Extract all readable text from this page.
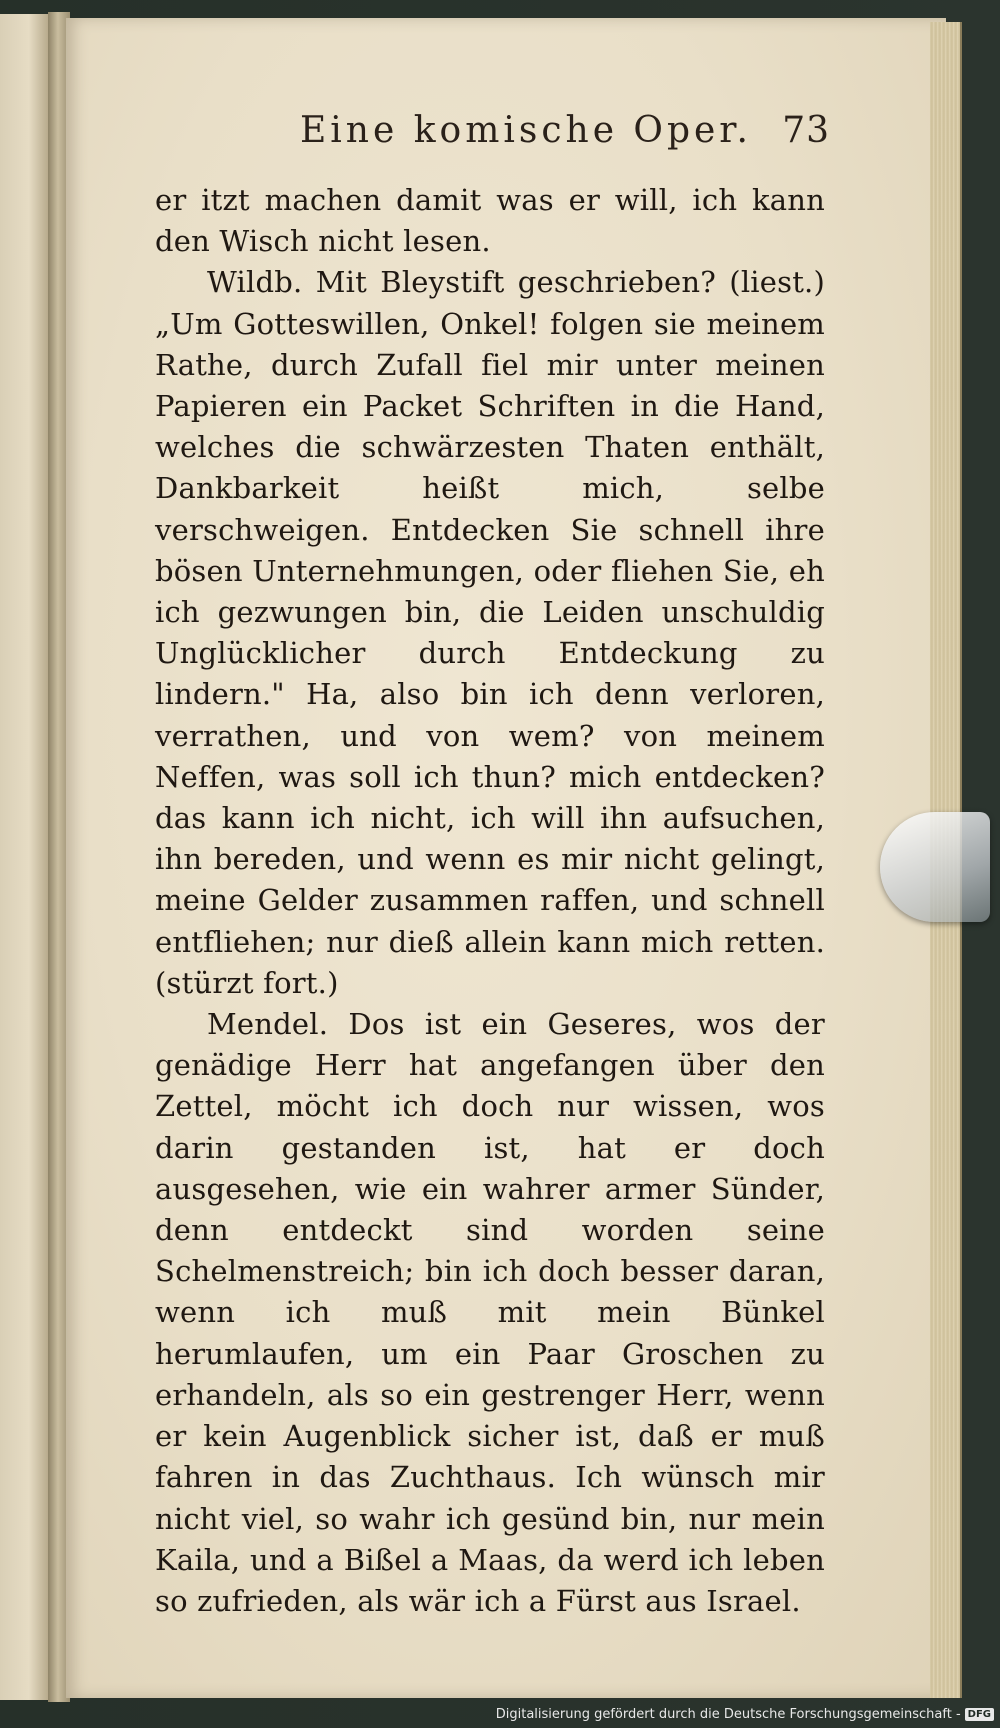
Eine komische Oper. 73

er itzt machen damit was er will, ich kann den Wisch nicht lesen.

Wildb. Mit Bleystift geschrieben? (liest.) „Um Gotteswillen, Onkel! folgen sie meinem Rathe, durch Zufall fiel mir unter meinen Papieren ein Packet Schriften in die Hand, welches die schwärzesten Thaten enthält, Dankbarkeit heißt mich, selbe verschweigen. Entdecken Sie schnell ihre bösen Unternehmungen, oder fliehen Sie, eh ich gezwungen bin, die Leiden unschuldig Unglücklicher durch Entdeckung zu lindern." Ha, also bin ich denn verloren, verrathen, und von wem? von meinem Neffen, was soll ich thun? mich entdecken? das kann ich nicht, ich will ihn aufsuchen, ihn bereden, und wenn es mir nicht gelingt, meine Gelder zusammen raffen, und schnell entfliehen; nur dieß allein kann mich retten. (stürzt fort.)

Mendel. Dos ist ein Geseres, wos der genädige Herr hat angefangen über den Zettel, möcht ich doch nur wissen, wos darin gestanden ist, hat er doch ausgesehen, wie ein wahrer armer Sünder, denn entdeckt sind worden seine Schelmenstreich; bin ich doch besser daran, wenn ich muß mit mein Bünkel herumlaufen, um ein Paar Groschen zu erhandeln, als so ein gestrenger Herr, wenn er kein Augenblick sicher ist, daß er muß fahren in das Zuchthaus. Ich wünsch mir nicht viel, so wahr ich gesünd bin, nur mein Kaila, und a Bißel a Maas, da werd ich leben so zufrieden, als wär ich a Fürst aus Israel.

Digitalisierung gefördert durch die Deutsche Forschungsgemeinschaft - DFG
